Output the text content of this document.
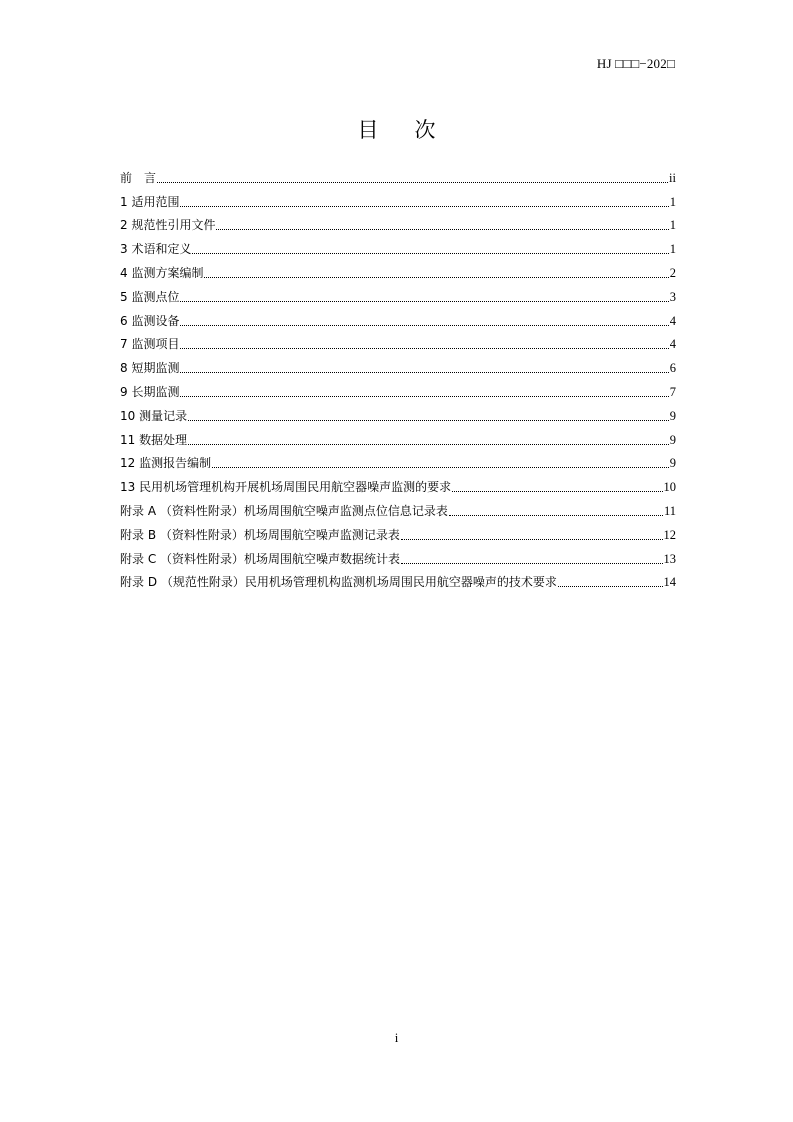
HJ □□□−202□
目次
前　言	ii
1 适用范围	1
2 规范性引用文件	1
3 术语和定义	1
4 监测方案编制	2
5 监测点位	3
6 监测设备	4
7 监测项目	4
8 短期监测	6
9 长期监测	7
10 测量记录	9
11 数据处理	9
12 监测报告编制	9
13 民用机场管理机构开展机场周围民用航空器噪声监测的要求	10
附录 A （资料性附录）机场周围航空噪声监测点位信息记录表	11
附录 B （资料性附录）机场周围航空噪声监测记录表	12
附录 C （资料性附录）机场周围航空噪声数据统计表	13
附录 D （规范性附录）民用机场管理机构监测机场周围民用航空器噪声的技术要求	14
i
